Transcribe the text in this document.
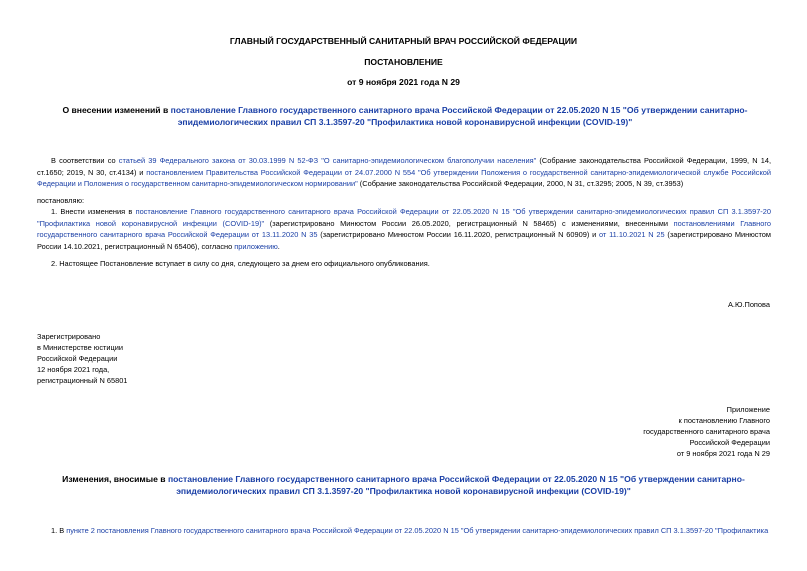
ГЛАВНЫЙ ГОСУДАРСТВЕННЫЙ САНИТАРНЫЙ ВРАЧ РОССИЙСКОЙ ФЕДЕРАЦИИ
ПОСТАНОВЛЕНИЕ
от 9 ноября 2021 года N 29
О внесении изменений в постановление Главного государственного санитарного врача Российской Федерации от 22.05.2020 N 15 "Об утверждении санитарно-эпидемиологических правил СП 3.1.3597-20 "Профилактика новой коронавирусной инфекции (COVID-19)"
В соответствии со статьей 39 Федерального закона от 30.03.1999 N 52-ФЗ "О санитарно-эпидемиологическом благополучии населения" (Собрание законодательства Российской Федерации, 1999, N 14, ст.1650; 2019, N 30, ст.4134) и постановлением Правительства Российской Федерации от 24.07.2000 N 554 "Об утверждении Положения о государственной санитарно-эпидемиологической службе Российской Федерации и Положения о государственном санитарно-эпидемиологическом нормировании" (Собрание законодательства Российской Федерации, 2000, N 31, ст.3295; 2005, N 39, ст.3953)
постановляю:
1. Внести изменения в постановление Главного государственного санитарного врача Российской Федерации от 22.05.2020 N 15 "Об утверждении санитарно-эпидемиологических правил СП 3.1.3597-20 "Профилактика новой коронавирусной инфекции (COVID-19)" (зарегистрировано Минюстом России 26.05.2020, регистрационный N 58465) с изменениями, внесенными постановлениями Главного государственного санитарного врача Российской Федерации от 13.11.2020 N 35 (зарегистрировано Минюстом России 16.11.2020, регистрационный N 60909) и от 11.10.2021 N 25 (зарегистрировано Минюстом России 14.10.2021, регистрационный N 65406), согласно приложению.
2. Настоящее Постановление вступает в силу со дня, следующего за днем его официального опубликования.
А.Ю.Попова
Зарегистрировано
в Министерстве юстиции
Российской Федерации
12 ноября 2021 года,
регистрационный N 65801
Приложение
к постановлению Главного
государственного санитарного врача
Российской Федерации
от 9 ноября 2021 года N 29
Изменения, вносимые в постановление Главного государственного санитарного врача Российской Федерации от 22.05.2020 N 15 "Об утверждении санитарно-эпидемиологических правил СП 3.1.3597-20 "Профилактика новой коронавирусной инфекции (COVID-19)"
1. В пункте 2 постановления Главного государственного санитарного врача Российской Федерации от 22.05.2020 N 15 "Об утверждении санитарно-эпидемиологических правил СП 3.1.3597-20 "Профилактика
